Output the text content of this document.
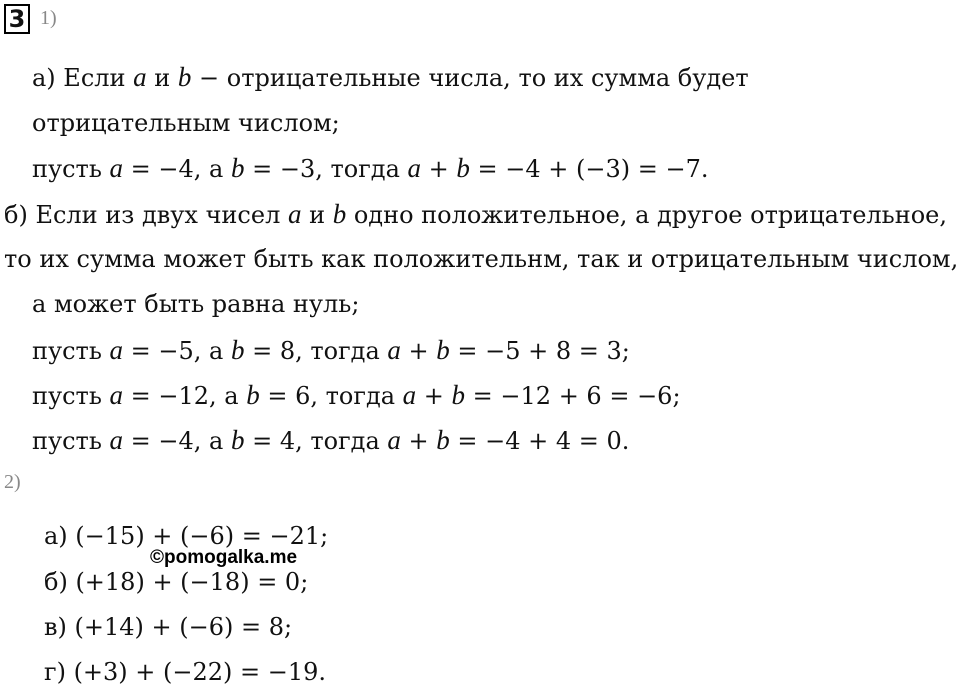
3 1)
а) Если a и b − отрицательные числа, то их сумма будет
отрицательным числом;
пусть a = −4, а b = −3, тогда a + b = −4 + (−3) = −7.
б) Если из двух чисел a и b одно положительное, а другое отрицательное,
то их сумма может быть как положительнм, так и отрицательным числом,
а может быть равна нуль;
пусть a = −5, а b = 8, тогда a + b = −5 + 8 = 3;
пусть a = −12, а b = 6, тогда a + b = −12 + 6 = −6;
пусть a = −4, а b = 4, тогда a + b = −4 + 4 = 0.
2)
а) (−15) + (−6) = −21;
б) (+18) + (−18) = 0;
в) (+14) + (−6) = 8;
г) (+3) + (−22) = −19.
©pomogalka.me
